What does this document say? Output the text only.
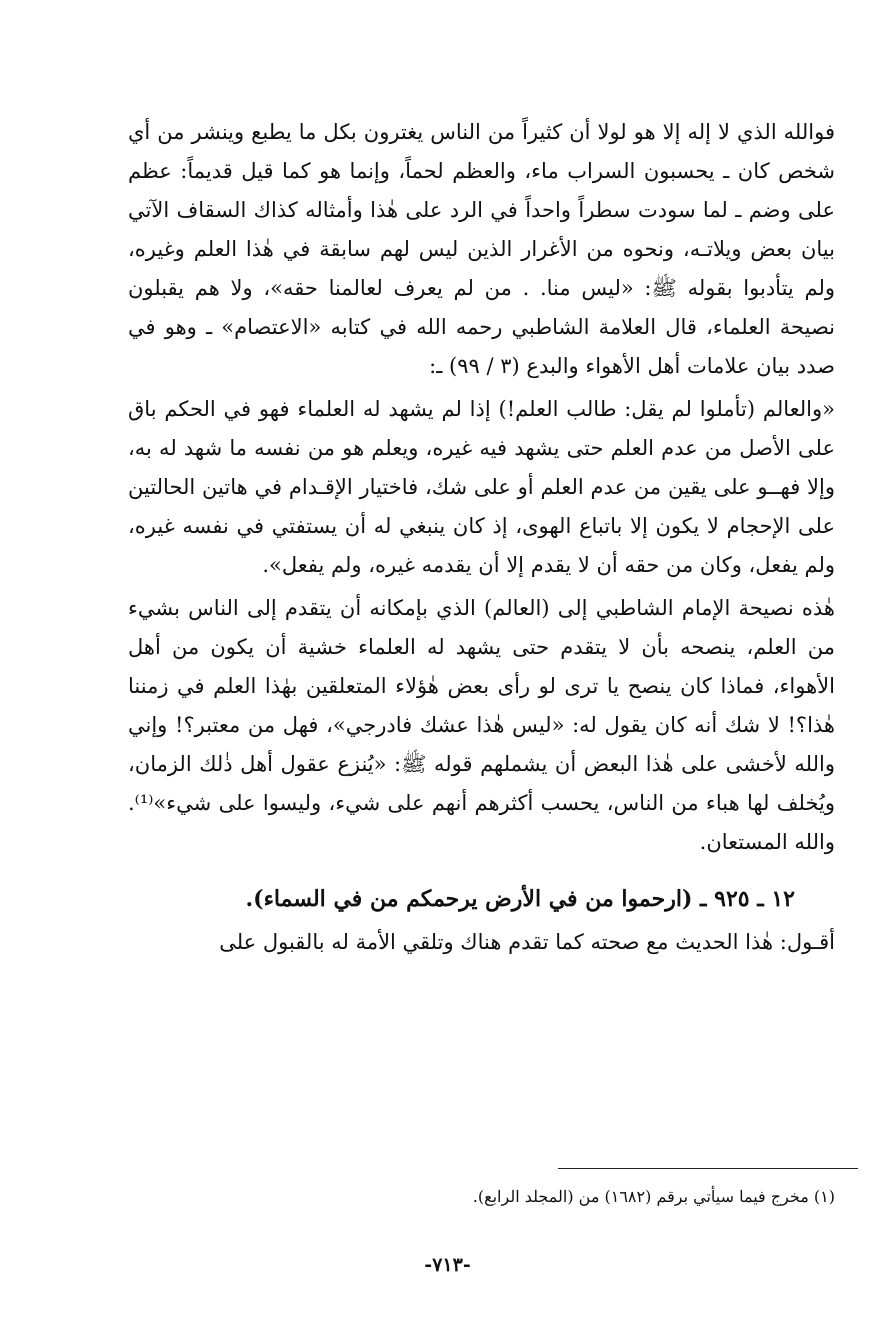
فوالله الذي لا إله إلا هو لولا أن كثيراً من الناس يغترون بكل ما يطبع وينشر من أي شخص كان ـ يحسبون السراب ماء، والعظم لحماً، وإنما هو كما قيل قديماً: عظم على وضم ـ لما سودت سطراً واحداً في الرد على هٰذا وأمثاله كذاك السقاف الآتي بيان بعض ويلاتـه، ونحوه من الأغرار الذين ليس لهم سابقة في هٰذا العلم وغيره، ولم يتأدبوا بقوله ﷺ: «ليس منا. . من لم يعرف لعالمنا حقه»، ولا هم يقبلون نصيحة العلماء، قال العلامة الشاطبي رحمه الله في كتابه «الاعتصام» ـ وهو في صدد بيان علامات أهل الأهواء والبدع (٣ / ٩٩) ـ:

«والعالم (تأملوا لم يقل: طالب العلم!) إذا لم يشهد له العلماء فهو في الحكم باق على الأصل من عدم العلم حتى يشهد فيه غيره، ويعلم هو من نفسه ما شهد له به، وإلا فهــو على يقين من عدم العلم أو على شك، فاختيار الإقـدام في هاتين الحالتين على الإحجام لا يكون إلا باتباع الهوى، إذ كان ينبغي له أن يستفتي في نفسه غيره، ولم يفعل، وكان من حقه أن لا يقدم إلا أن يقدمه غيره، ولم يفعل».

هٰذه نصيحة الإمام الشاطبي إلى (العالم) الذي بإمكانه أن يتقدم إلى الناس بشيء من العلم، ينصحه بأن لا يتقدم حتى يشهد له العلماء خشية أن يكون من أهل الأهواء، فماذا كان ينصح يا ترى لو رأى بعض هٰؤلاء المتعلقين بهٰذا العلم في زمننا هٰذا؟! لا شك أنه كان يقول له: «ليس هٰذا عشك فادرجي»، فهل من معتبر؟! وإني والله لأخشى على هٰذا البعض أن يشملهم قوله ﷺ: «يُنزع عقول أهل ذٰلك الزمان، ويُخلف لها هباء من الناس، يحسب أكثرهم أنهم على شيء، وليسوا على شيء»⁽¹⁾. والله المستعان.

١٢ ـ ٩٢٥ ـ (ارحموا من في الأرض يرحمكم من في السماء).

أقـول: هٰذا الحديث مع صحته كما تقدم هناك وتلقي الأمة له بالقبول على

(١) مخرج فيما سيأتي برقم (١٦٨٢) من (المجلد الرابع).
-٧١٣-
